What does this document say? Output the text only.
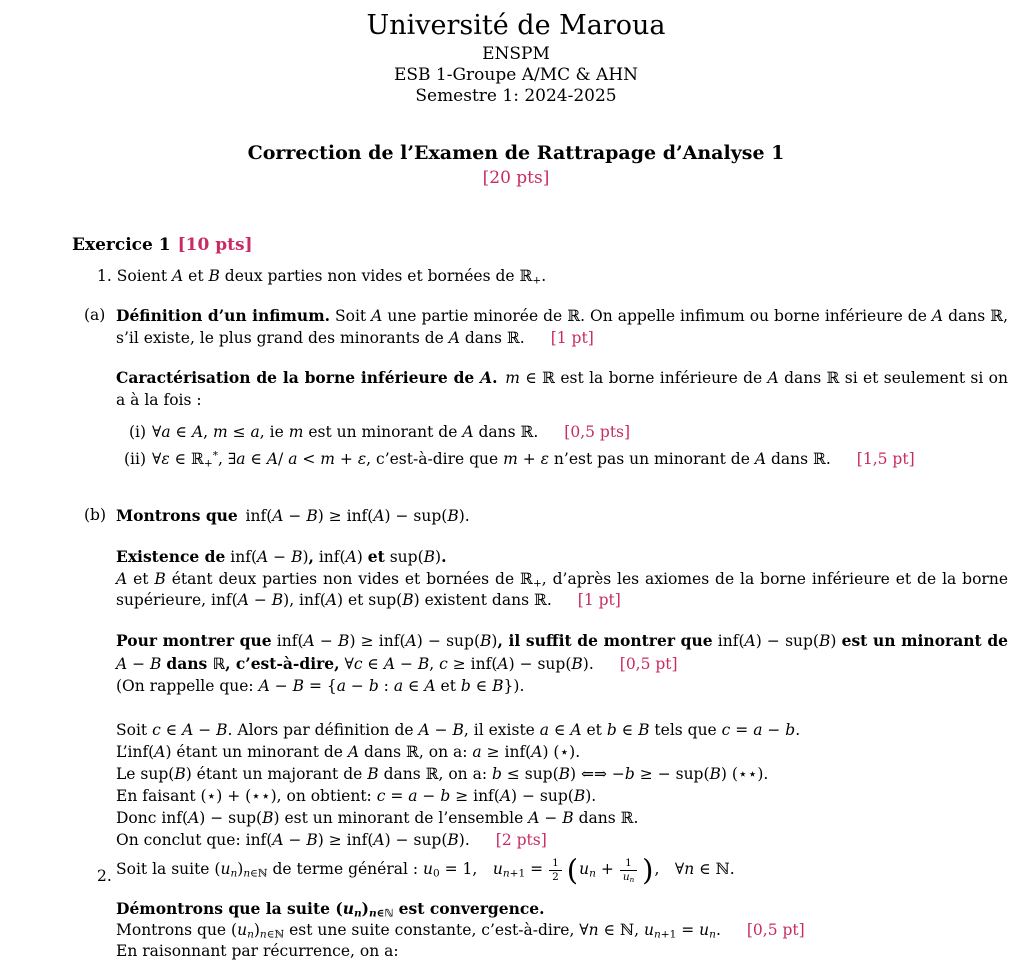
Université de Maroua
ENSPM
ESB 1-Groupe A/MC & AHN
Semestre 1: 2024-2025
Correction de l’Examen de Rattrapage d’Analyse 1
[20 pts]
Exercice 1 [10 pts]
1. Soient A et B deux parties non vides et bornées de ℝ+.
(a) Définition d’un infimum. Soit A une partie minorée de ℝ. On appelle infimum ou borne inférieure de A dans ℝ, s’il existe, le plus grand des minorants de A dans ℝ. [1 pt]
Caractérisation de la borne inférieure de A.  m ∈ ℝ est la borne inférieure de A dans ℝ si et seulement si on a à la fois :
(i) ∀a ∈ A, m ≤ a, ie m est un minorant de A dans ℝ. [0,5 pts]
(ii) ∀ε ∈ ℝ+*, ∃a ∈ A/ a < m + ε, c’est-à-dire que m + ε n’est pas un minorant de A dans ℝ. [1,5 pt]
(b) Montrons que inf(A − B) ≥ inf(A) − sup(B).
Existence de inf(A − B), inf(A) et sup(B).
A et B étant deux parties non vides et bornées de ℝ+, d’après les axiomes de la borne inférieure et de la borne supérieure, inf(A − B), inf(A) et sup(B) existent dans ℝ. [1 pt]
Pour montrer que inf(A − B) ≥ inf(A) − sup(B), il suffit de montrer que inf(A) − sup(B) est un minorant de A − B dans ℝ, c’est-à-dire, ∀c ∈ A − B, c ≥ inf(A) − sup(B). [0,5 pt]
(On rappelle que: A − B = {a − b : a ∈ A et b ∈ B}).
Soit c ∈ A − B. Alors par définition de A − B, il existe a ∈ A et b ∈ B tels que c = a − b.
L’inf(A) étant un minorant de A dans ℝ, on a: a ≥ inf(A) (⋆).
Le sup(B) étant un majorant de B dans ℝ, on a: b ≤ sup(B) ⇐⇒ −b ≥ − sup(B) (⋆⋆).
En faisant (⋆) + (⋆⋆), on obtient: c = a − b ≥ inf(A) − sup(B).
Donc inf(A) − sup(B) est un minorant de l’ensemble A − B dans ℝ.
On conclut que: inf(A − B) ≥ inf(A) − sup(B). [2 pts]
2. Soit la suite (un)n∈ℕ de terme général : u0 = 1, $un+1 = \frac{1}{2}$ ( un + $\frac{1}{un}$ ) , ∀n ∈ ℕ.
Démontrons que la suite (un)n∈ℕ est convergence.
Montrons que (un)n∈ℕ est une suite constante, c’est-à-dire, ∀n ∈ ℕ, un+1 = un. [0,5 pt]
En raisonnant par récurrence, on a:
